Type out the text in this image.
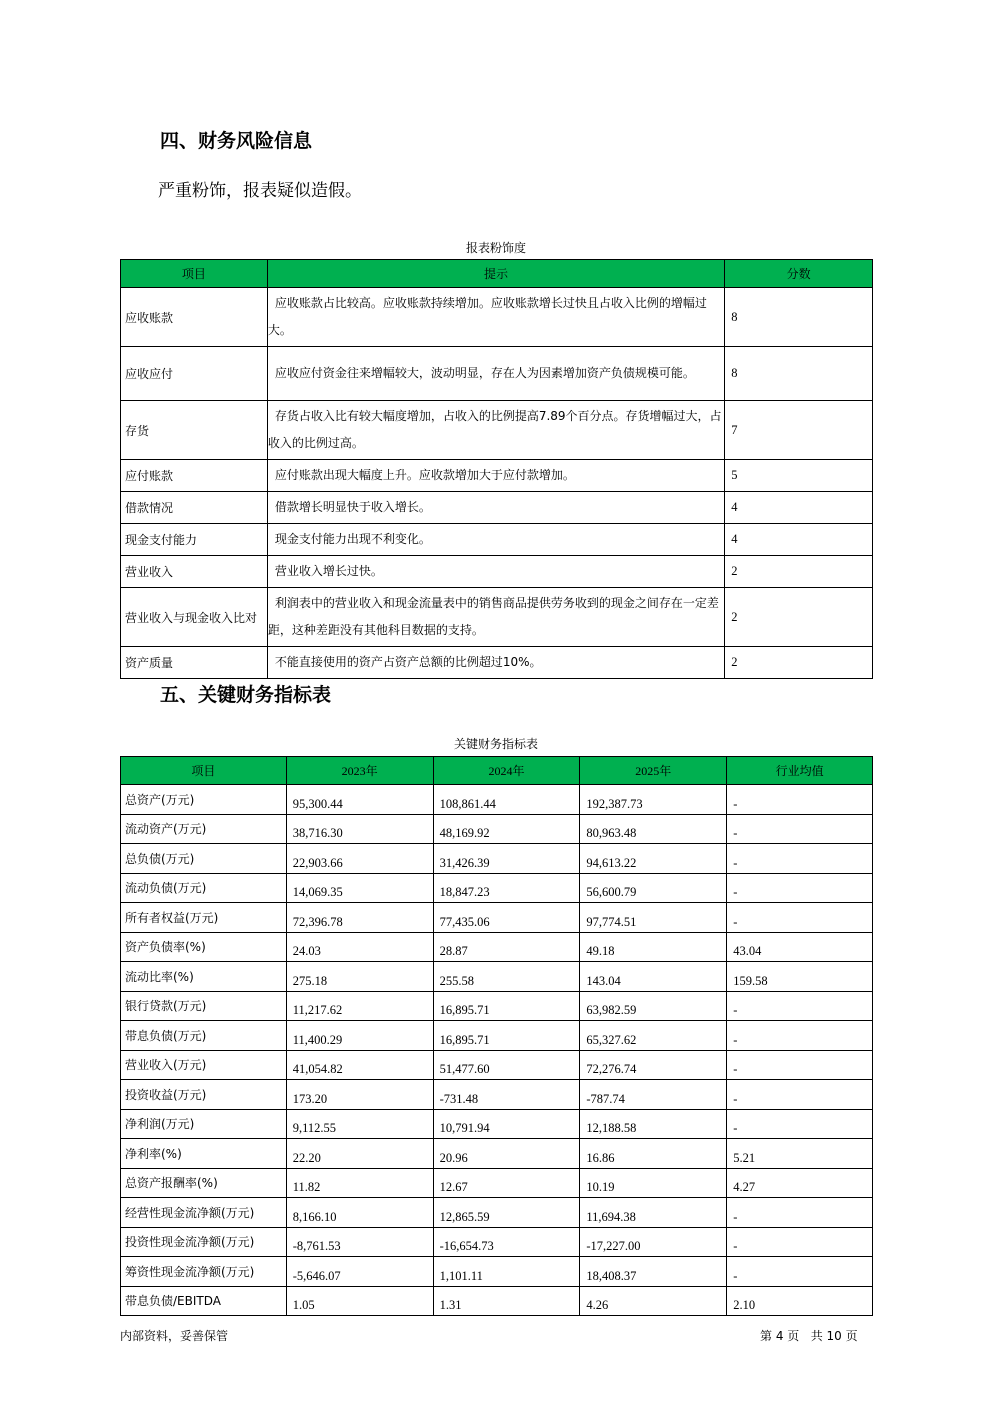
四、财务风险信息

严重粉饰，报表疑似造假。

报表粉饰度
项目	提示	分数
应收账款	应收账款占比较高。应收账款持续增加。应收账款增长过快且占收入比例的增幅过大。	8
应收应付	应收应付资金往来增幅较大，波动明显，存在人为因素增加资产负债规模可能。	8
存货	存货占收入比有较大幅度增加，占收入的比例提高7.89个百分点。存货增幅过大，占收入的比例过高。	7
应付账款	应付账款出现大幅度上升。应收款增加大于应付款增加。	5
借款情况	借款增长明显快于收入增长。	4
现金支付能力	现金支付能力出现不利变化。	4
营业收入	营业收入增长过快。	2
营业收入与现金收入比对	利润表中的营业收入和现金流量表中的销售商品提供劳务收到的现金之间存在一定差距，这种差距没有其他科目数据的支持。	2
资产质量	不能直接使用的资产占资产总额的比例超过10%。	2
五、关键财务指标表
关键财务指标表
项目	2023年	2024年	2025年	行业均值
总资产(万元)	95,300.44	108,861.44	192,387.73	-
流动资产(万元)	38,716.30	48,169.92	80,963.48	-
总负债(万元)	22,903.66	31,426.39	94,613.22	-
流动负债(万元)	14,069.35	18,847.23	56,600.79	-
所有者权益(万元)	72,396.78	77,435.06	97,774.51	-
资产负债率(%)	24.03	28.87	49.18	43.04
流动比率(%)	275.18	255.58	143.04	159.58
银行贷款(万元)	11,217.62	16,895.71	63,982.59	-
带息负债(万元)	11,400.29	16,895.71	65,327.62	-
营业收入(万元)	41,054.82	51,477.60	72,276.74	-
投资收益(万元)	173.20	-731.48	-787.74	-
净利润(万元)	9,112.55	10,791.94	12,188.58	-
净利率(%)	22.20	20.96	16.86	5.21
总资产报酬率(%)	11.82	12.67	10.19	4.27
经营性现金流净额(万元)	8,166.10	12,865.59	11,694.38	-
投资性现金流净额(万元)	-8,761.53	-16,654.73	-17,227.00	-
筹资性现金流净额(万元)	-5,646.07	1,101.11	18,408.37	-
带息负债/EBITDA	1.05	1.31	4.26	2.10
内部资料，妥善保管	第 4 页   共 10 页
